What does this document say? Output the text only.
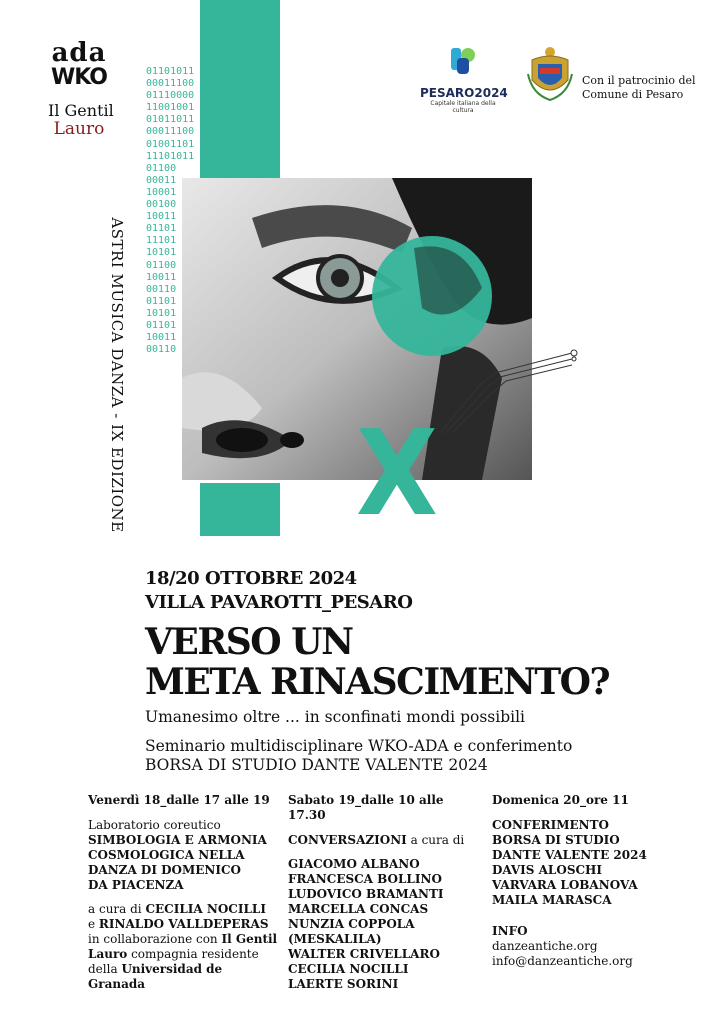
ada
WKO
Il Gentil
Lauro
PESARO2024
Capitale italiana della cultura
Con il patrocinio del
Comune di Pesaro
01101011
00011100
01110000
11001001
01011011
00011100
01001101
11101011
01100
00011
10001
00100
10011
01101
11101
10101
01100
10011
00110
01101
10101
01101
10011
00110
X
ASTRI MUSICA DANZA - IX EDIZIONE
18/20 OTTOBRE 2024
VILLA PAVAROTTI_PESARO
VERSO UN
META RINASCIMENTO?
Umanesimo oltre ... in sconfinati mondi possibili
Seminario multidisciplinare WKO-ADA e conferimento
BORSA DI STUDIO DANTE VALENTE 2024

Venerdì 18_dalle 17 alle 19

Laboratorio coreutico

SIMBOLOGIA E ARMONIA
COSMOLOGICA NELLA
DANZA DI DOMENICO
DA PIACENZA

a cura di CECILIA NOCILLI

e RINALDO VALLDEPERAS

in collaborazione con Il Gentil Lauro compagnia residente

della Universidad de Granada

Sabato 19_dalle 10 alle 17.30

CONVERSAZIONI a cura di

GIACOMO ALBANO
FRANCESCA BOLLINO
LUDOVICO BRAMANTI
MARCELLA CONCAS
NUNZIA COPPOLA
(MESKALILA)
WALTER CRIVELLARO
CECILIA NOCILLI
LAERTE SORINI

Domenica 20_ore 11

CONFERIMENTO
BORSA DI STUDIO
DANTE VALENTE 2024
DAVIS ALOSCHI
VARVARA LOBANOVA
MAILA MARASCA

INFO

danzeantiche.org

info@danzeantiche.org
